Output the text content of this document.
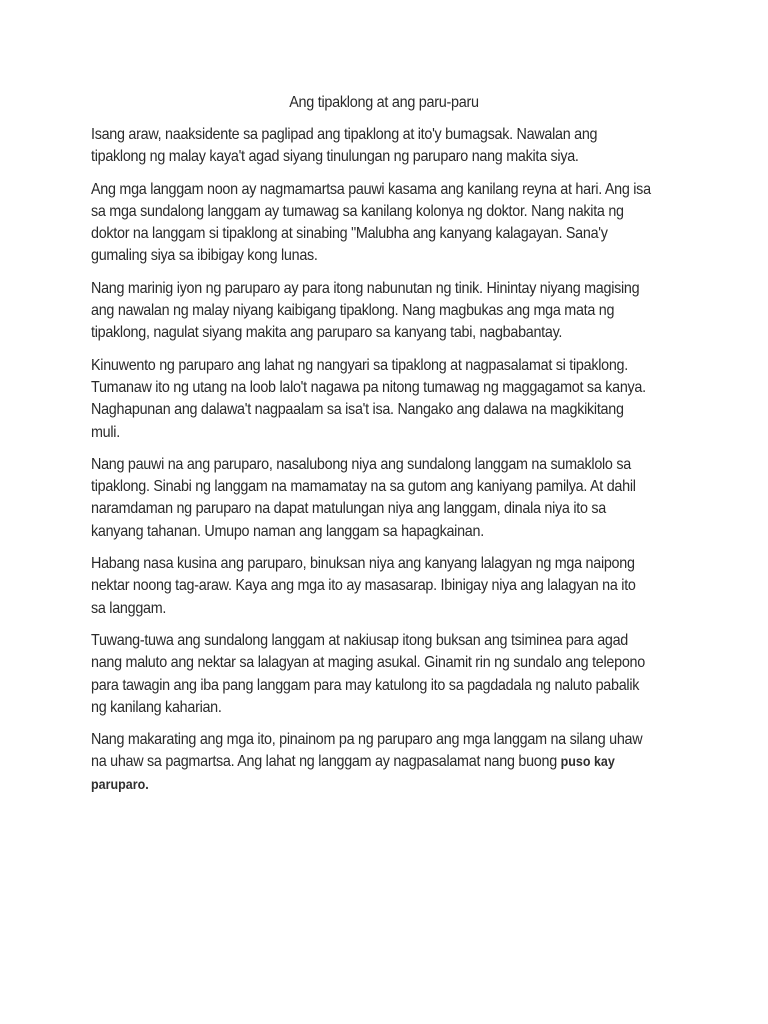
Ang tipaklong at ang paru-paru

Isang araw, naaksidente sa paglipad ang tipaklong at ito'y bumagsak. Nawalan ang
tipaklong ng malay kaya't agad siyang tinulungan ng paruparo nang makita siya.

Ang mga langgam noon ay nagmamartsa pauwi kasama ang kanilang reyna at hari. Ang isa
sa mga sundalong langgam ay tumawag sa kanilang kolonya ng doktor. Nang nakita ng
doktor na langgam si tipaklong at sinabing "Malubha ang kanyang kalagayan. Sana'y
gumaling siya sa ibibigay kong lunas.

Nang marinig iyon ng paruparo ay para itong nabunutan ng tinik. Hinintay niyang magising
ang nawalan ng malay niyang kaibigang tipaklong. Nang magbukas ang mga mata ng
tipaklong, nagulat siyang makita ang paruparo sa kanyang tabi, nagbabantay.

Kinuwento ng paruparo ang lahat ng nangyari sa tipaklong at nagpasalamat si tipaklong.
Tumanaw ito ng utang na loob lalo't nagawa pa nitong tumawag ng maggagamot sa kanya.
Naghapunan ang dalawa't nagpaalam sa isa't isa. Nangako ang dalawa na magkikitang
muli.

Nang pauwi na ang paruparo, nasalubong niya ang sundalong langgam na sumaklolo sa
tipaklong. Sinabi ng langgam na mamamatay na sa gutom ang kaniyang pamilya. At dahil
naramdaman ng paruparo na dapat matulungan niya ang langgam, dinala niya ito sa
kanyang tahanan. Umupo naman ang langgam sa hapagkainan.

Habang nasa kusina ang paruparo, binuksan niya ang kanyang lalagyan ng mga naipong
nektar noong tag-araw. Kaya ang mga ito ay masasarap. Ibinigay niya ang lalagyan na ito
sa langgam.

Tuwang-tuwa ang sundalong langgam at nakiusap itong buksan ang tsiminea para agad
nang maluto ang nektar sa lalagyan at maging asukal. Ginamit rin ng sundalo ang telepono
para tawagin ang iba pang langgam para may katulong ito sa pagdadala ng naluto pabalik
ng kanilang kaharian.

Nang makarating ang mga ito, pinainom pa ng paruparo ang mga langgam na silang uhaw
na uhaw sa pagmartsa. Ang lahat ng langgam ay nagpasalamat nang buong puso kay
paruparo.
